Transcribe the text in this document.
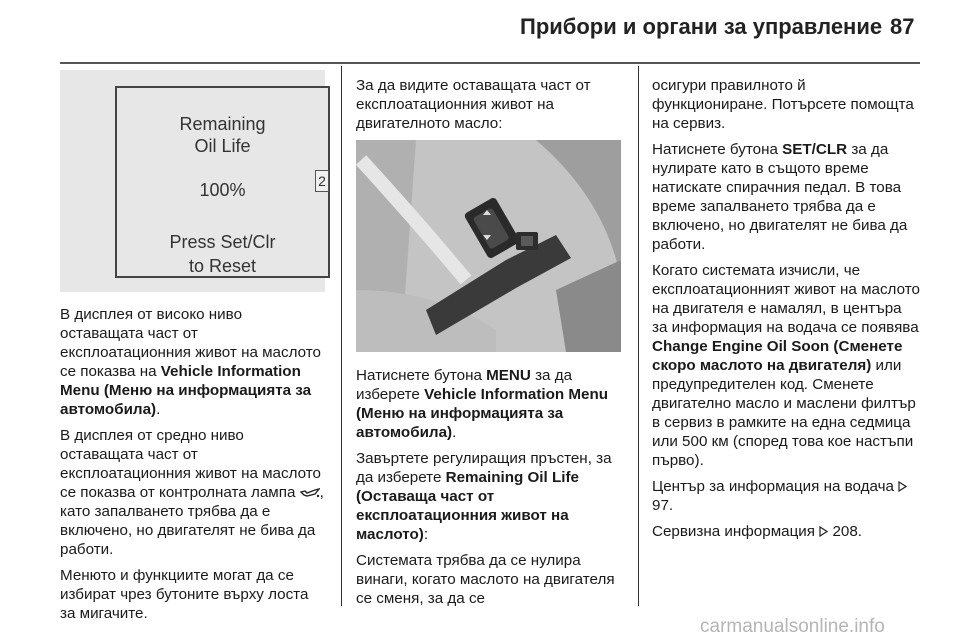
Прибори и органи за управление 87
Remaining
Oil Life
100%
Press Set/Clr
to Reset
2

В дисплея от високо ниво оставащата част от експлоатационния живот на маслото се показва на Vehicle Information Menu (Меню на информацията за автомобила).

В дисплея от средно ниво оставащата част от експлоатационния живот на маслото се показва от контролната лампа , като запалването трябва да е включено, но двигателят не бива да работи.

Менюто и функциите могат да се избират чрез бутоните върху лоста за мигачите.

За да видите оставащата част от експлоатационния живот на двигателното масло:

Натиснете бутона MENU за да изберете Vehicle Information Menu (Меню на информацията за автомобила).

Завъртете регулиращия пръстен, за да изберете Remaining Oil Life (Оставаща част от експлоатационния живот на маслото):

Системата трябва да се нулира винаги, когато маслото на двигателя се сменя, за да се

осигури правилното й функциониране. Потърсете помощта на сервиз.

Натиснете бутона SET/CLR за да нулирате като в същото време натискате спирачния педал. В това време запалването трябва да е включено, но двигателят не бива да работи.

Когато системата изчисли, че експлоатационният живот на маслото на двигателя е намалял, в центъра за информация на водача се появява Change Engine Oil Soon (Сменете скоро маслото на двигателя) или предупредителен код. Сменете двигателно масло и маслени филтър в сервиз в рамките на една седмица или 500 км (според това кое настъпи първо).

Център за информация на водача  97.

Сервизна информация  208.

carmanualsonline.info
